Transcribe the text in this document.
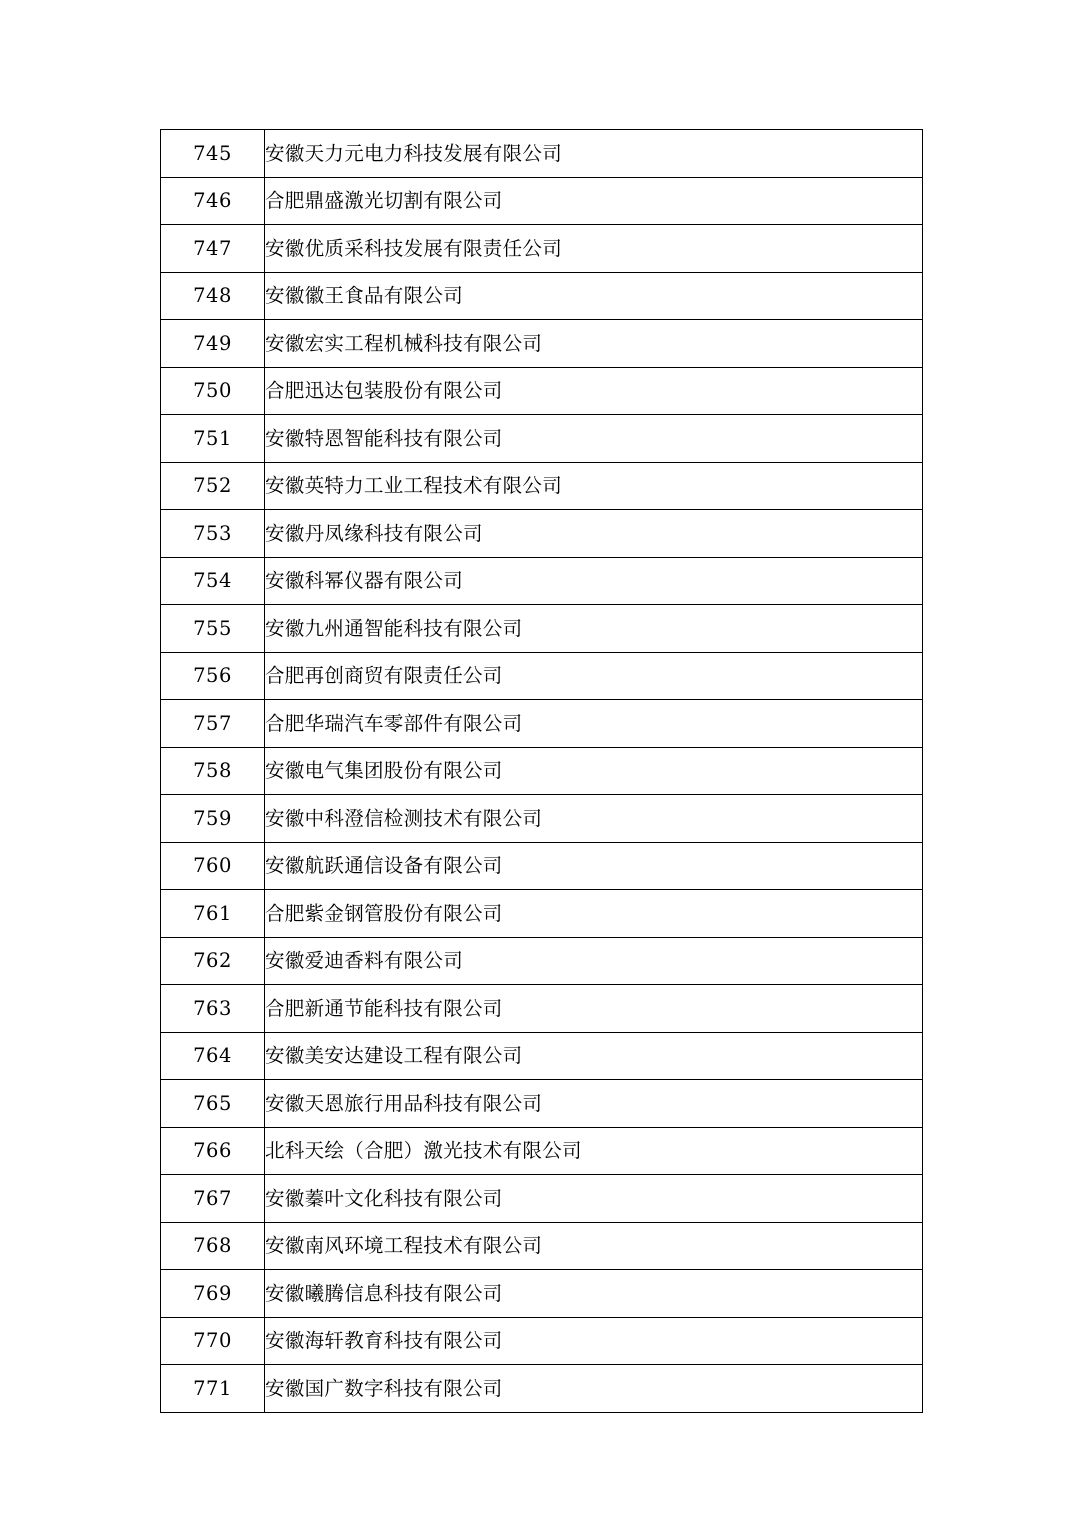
745	安徽天力元电力科技发展有限公司
746	合肥鼎盛激光切割有限公司
747	安徽优质采科技发展有限责任公司
748	安徽徽王食品有限公司
749	安徽宏实工程机械科技有限公司
750	合肥迅达包装股份有限公司
751	安徽特恩智能科技有限公司
752	安徽英特力工业工程技术有限公司
753	安徽丹凤缘科技有限公司
754	安徽科幂仪器有限公司
755	安徽九州通智能科技有限公司
756	合肥再创商贸有限责任公司
757	合肥华瑞汽车零部件有限公司
758	安徽电气集团股份有限公司
759	安徽中科澄信检测技术有限公司
760	安徽航跃通信设备有限公司
761	合肥紫金钢管股份有限公司
762	安徽爱迪香料有限公司
763	合肥新通节能科技有限公司
764	安徽美安达建设工程有限公司
765	安徽天恩旅行用品科技有限公司
766	北科天绘（合肥）激光技术有限公司
767	安徽蓁叶文化科技有限公司
768	安徽南风环境工程技术有限公司
769	安徽曦腾信息科技有限公司
770	安徽海轩教育科技有限公司
771	安徽国广数字科技有限公司
